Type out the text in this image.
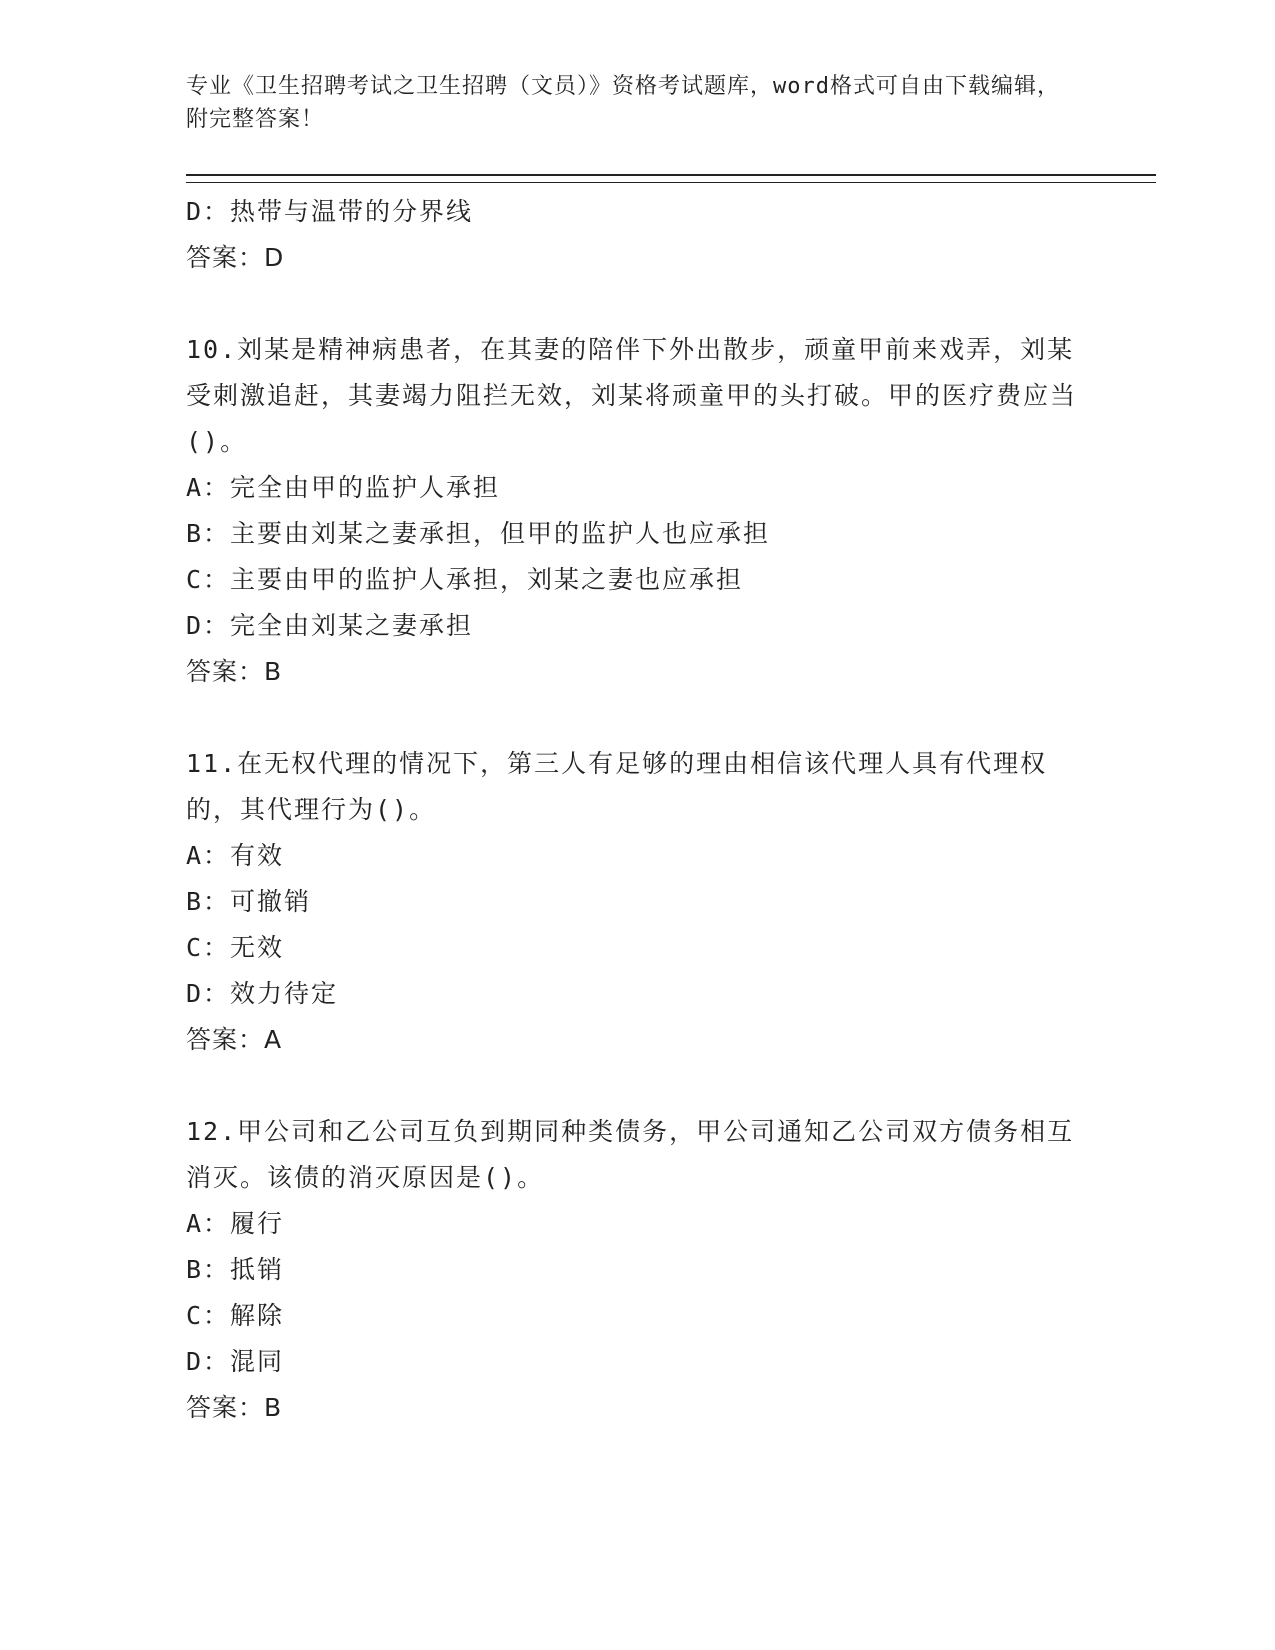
专业《卫生招聘考试之卫生招聘（文员）》资格考试题库，word格式可自由下载编辑，附完整答案！
D：热带与温带的分界线
答案：D
10.刘某是精神病患者，在其妻的陪伴下外出散步，顽童甲前来戏弄，刘某受刺激追赶，其妻竭力阻拦无效，刘某将顽童甲的头打破。甲的医疗费应当()。
A：完全由甲的监护人承担
B：主要由刘某之妻承担，但甲的监护人也应承担
C：主要由甲的监护人承担，刘某之妻也应承担
D：完全由刘某之妻承担
答案：B
11.在无权代理的情况下，第三人有足够的理由相信该代理人具有代理权的，其代理行为()。
A：有效
B：可撤销
C：无效
D：效力待定
答案：A
12.甲公司和乙公司互负到期同种类债务，甲公司通知乙公司双方债务相互消灭。该债的消灭原因是()。
A：履行
B：抵销
C：解除
D：混同
答案：B
